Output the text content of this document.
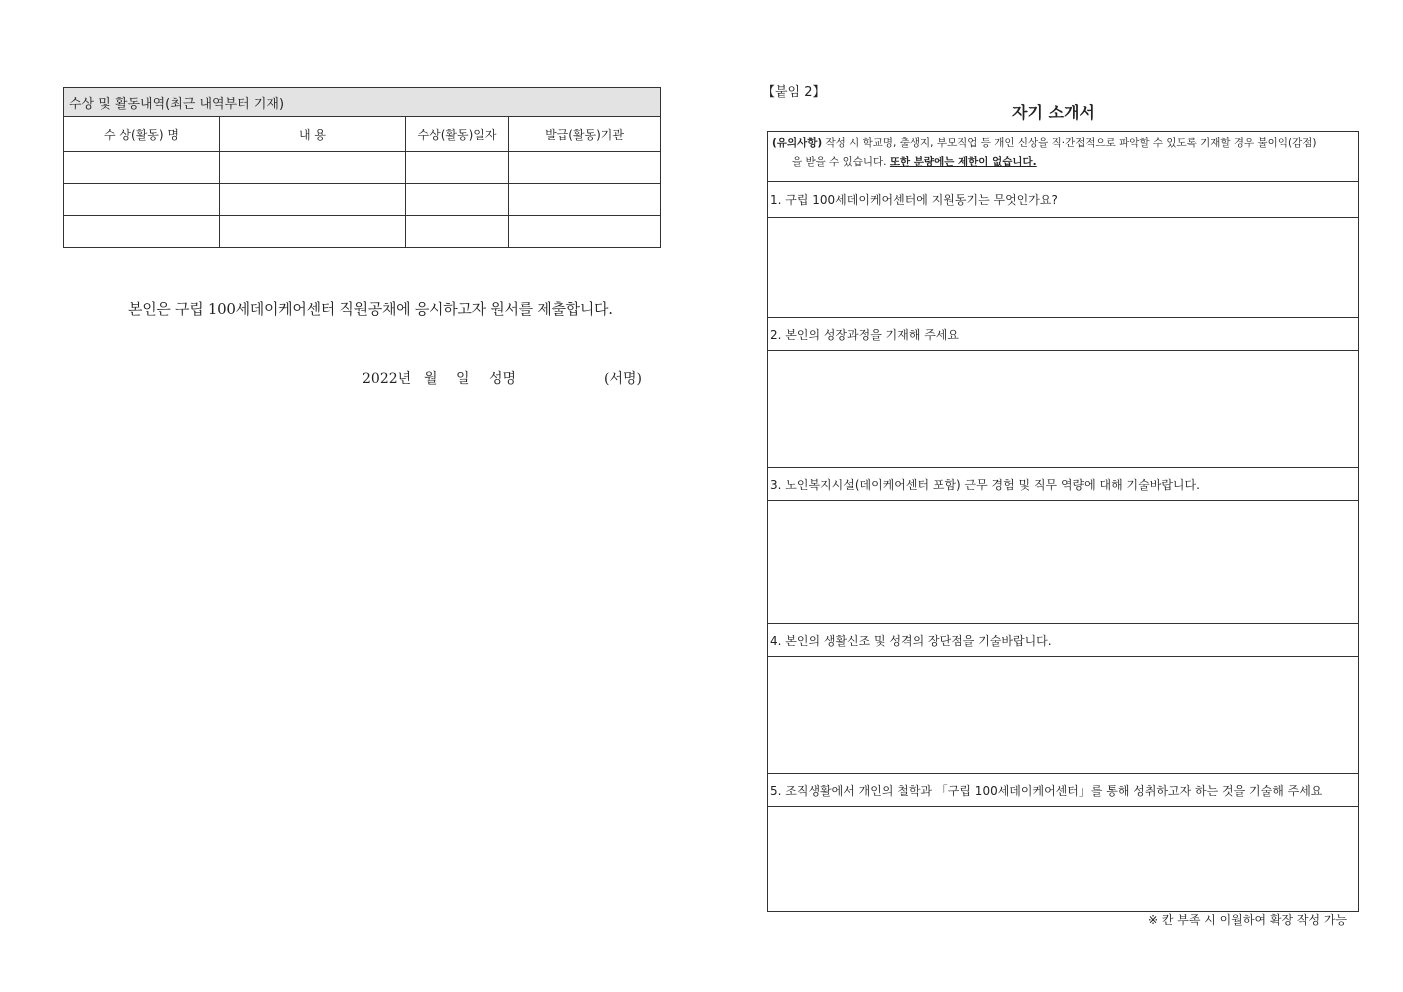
수상 및 활동내역(최근 내역부터 기재)			
수 상(활동) 명	내 용	수상(활동)일자	발급(활동)기관

본인은 구립 100세데이케어센터 직원공채에 응시하고자 원서를 제출합니다.
2022년 월 일 성명	(서명)
【붙임 2】
자기 소개서
(유의사항) 작성 시 학교명, 출생지, 부모직업 등 개인 신상을 직·간접적으로 파악할 수 있도록 기재할 경우 불이익(감점)
을 받을 수 있습니다. 또한 분량에는 제한이 없습니다.
1. 구립 100세데이케어센터에 지원동기는 무엇인가요?
2. 본인의 성장과정을 기재해 주세요
3. 노인복지시설(데이케어센터 포함) 근무 경험 및 직무 역량에 대해 기술바랍니다.
4. 본인의 생활신조 및 성격의 장단점을 기술바랍니다.
5. 조직생활에서 개인의 철학과 「구립 100세데이케어센터」를 통해 성취하고자 하는 것을 기술해 주세요
※ 칸 부족 시 이월하여 확장 작성 가능
